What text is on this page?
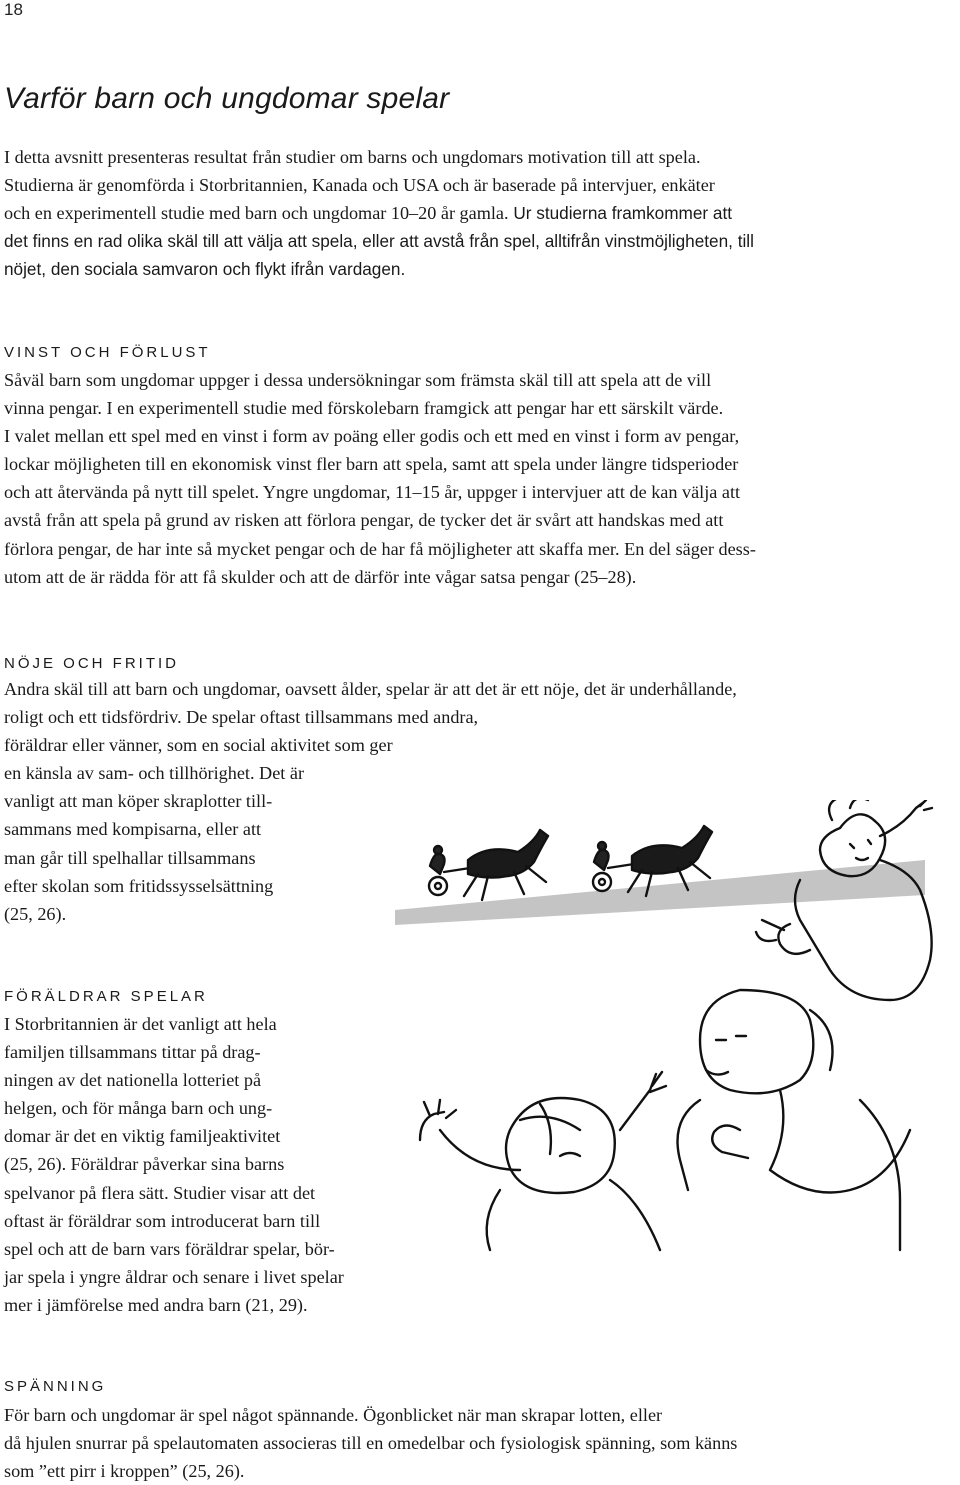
18
Varför barn och ungdomar spelar
I detta avsnitt presenteras resultat från studier om barns och ungdomars motivation till att spela.
Studierna är genomförda i Storbritannien, Kanada och USA och är baserade på intervjuer, enkäter
och en experimentell studie med barn och ungdomar 10–20 år gamla. Ur studierna framkommer att
det finns en rad olika skäl till att välja att spela, eller att avstå från spel, alltifrån vinstmöjligheten, till
nöjet, den sociala samvaron och flykt ifrån vardagen.
VINST OCH FÖRLUST
Såväl barn som ungdomar uppger i dessa undersökningar som främsta skäl till att spela att de vill
vinna pengar. I en experimentell studie med förskolebarn framgick att pengar har ett särskilt värde.
I valet mellan ett spel med en vinst i form av poäng eller godis och ett med en vinst i form av pengar,
lockar möjligheten till en ekonomisk vinst fler barn att spela, samt att spela under längre tidsperioder
och att återvända på nytt till spelet. Yngre ungdomar, 11–15 år, uppger i intervjuer att de kan välja att
avstå från att spela på grund av risken att förlora pengar, de tycker det är svårt att handskas med att
förlora pengar, de har inte så mycket pengar och de har få möjligheter att skaffa mer. En del säger dess-
utom att de är rädda för att få skulder och att de därför inte vågar satsa pengar (25–28).
NÖJE OCH FRITID
Andra skäl till att barn och ungdomar, oavsett ålder, spelar är att det är ett nöje, det är underhållande,
roligt och ett tidsfördriv. De spelar oftast tillsammans med andra,
föräldrar eller vänner, som en social aktivitet som ger
en känsla av sam- och tillhörighet. Det är
vanligt att man köper skraplotter till-
sammans med kompisarna, eller att
man går till spelhallar tillsammans
efter skolan som fritidssysselsättning
(25, 26).
FÖRÄLDRAR SPELAR
I Storbritannien är det vanligt att hela
familjen tillsammans tittar på drag-
ningen av det nationella lotteriet på
helgen, och för många barn och ung-
domar är det en viktig familjeaktivitet
(25, 26). Föräldrar påverkar sina barns
spelvanor på flera sätt. Studier visar att det
oftast är föräldrar som introducerat barn till
spel och att de barn vars föräldrar spelar, bör-
jar spela i yngre åldrar och senare i livet spelar
mer i jämförelse med andra barn (21, 29).
SPÄNNING
För barn och ungdomar är spel något spännande. Ögonblicket när man skrapar lotten, eller
då hjulen snurrar på spelautomaten associeras till en omedelbar och fysiologisk spänning, som känns
som ”ett pirr i kroppen” (25, 26).
